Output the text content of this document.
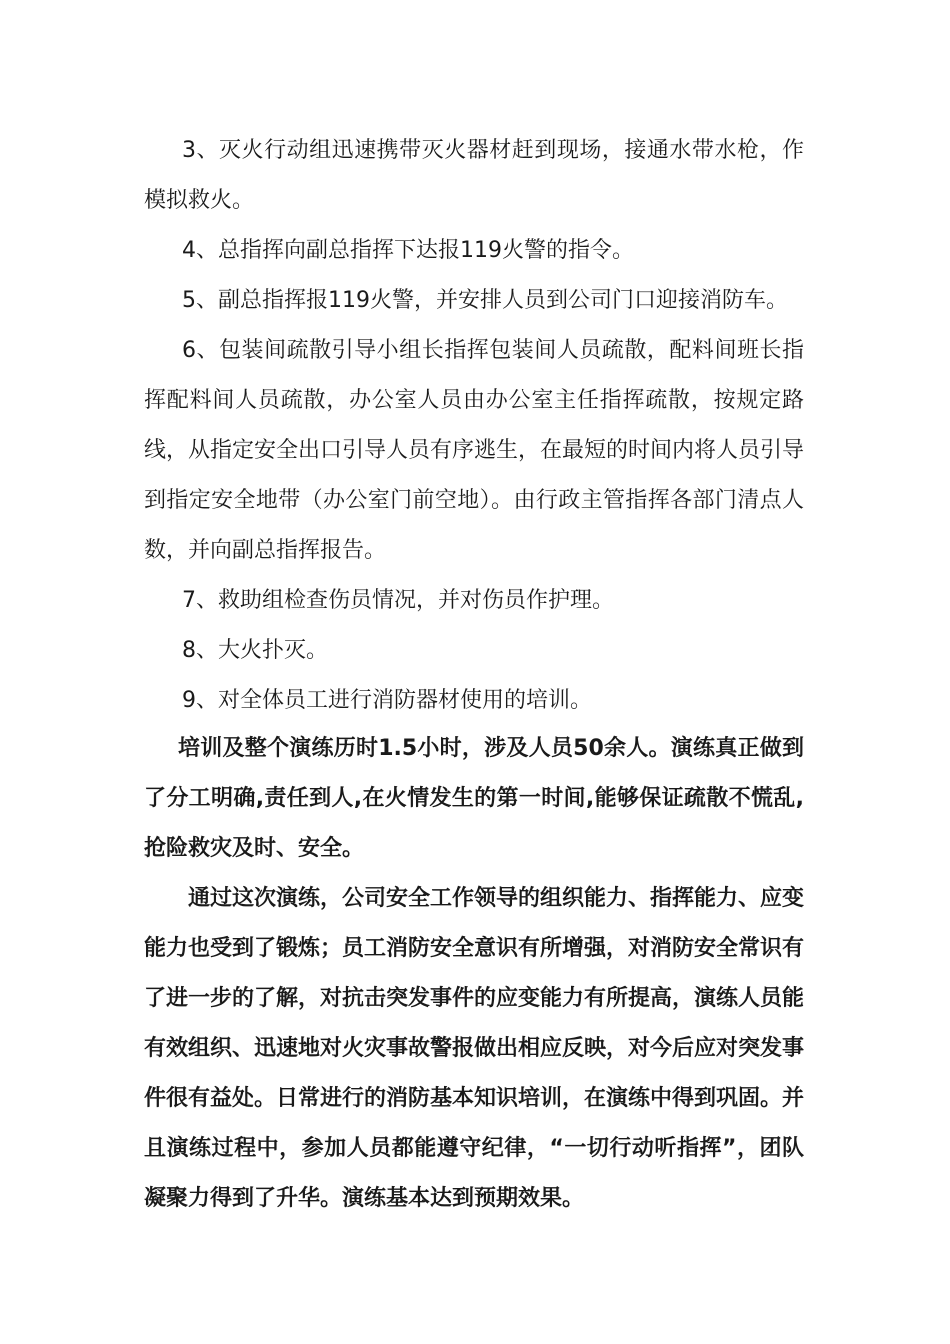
3、灭火行动组迅速携带灭火器材赶到现场，接通水带水枪，作模拟救火。

4、总指挥向副总指挥下达报119火警的指令。

5、副总指挥报119火警，并安排人员到公司门口迎接消防车。

6、包装间疏散引导小组长指挥包装间人员疏散，配料间班长指挥配料间人员疏散，办公室人员由办公室主任指挥疏散，按规定路线，从指定安全出口引导人员有序逃生，在最短的时间内将人员引导到指定安全地带（办公室门前空地）。由行政主管指挥各部门清点人数，并向副总指挥报告。

7、救助组检查伤员情况，并对伤员作护理。

8、大火扑灭。

9、对全体员工进行消防器材使用的培训。

培训及整个演练历时1.5小时，涉及人员50余人。演练真正做到了分工明确,责任到人,在火情发生的第一时间,能够保证疏散不慌乱,抢险救灾及时、安全。

通过这次演练，公司安全工作领导的组织能力、指挥能力、应变能力也受到了锻炼；员工消防安全意识有所增强，对消防安全常识有了进一步的了解，对抗击突发事件的应变能力有所提高，演练人员能有效组织、迅速地对火灾事故警报做出相应反映，对今后应对突发事件很有益处。日常进行的消防基本知识培训，在演练中得到巩固。并且演练过程中，参加人员都能遵守纪律，“一切行动听指挥”，团队凝聚力得到了升华。演练基本达到预期效果。
